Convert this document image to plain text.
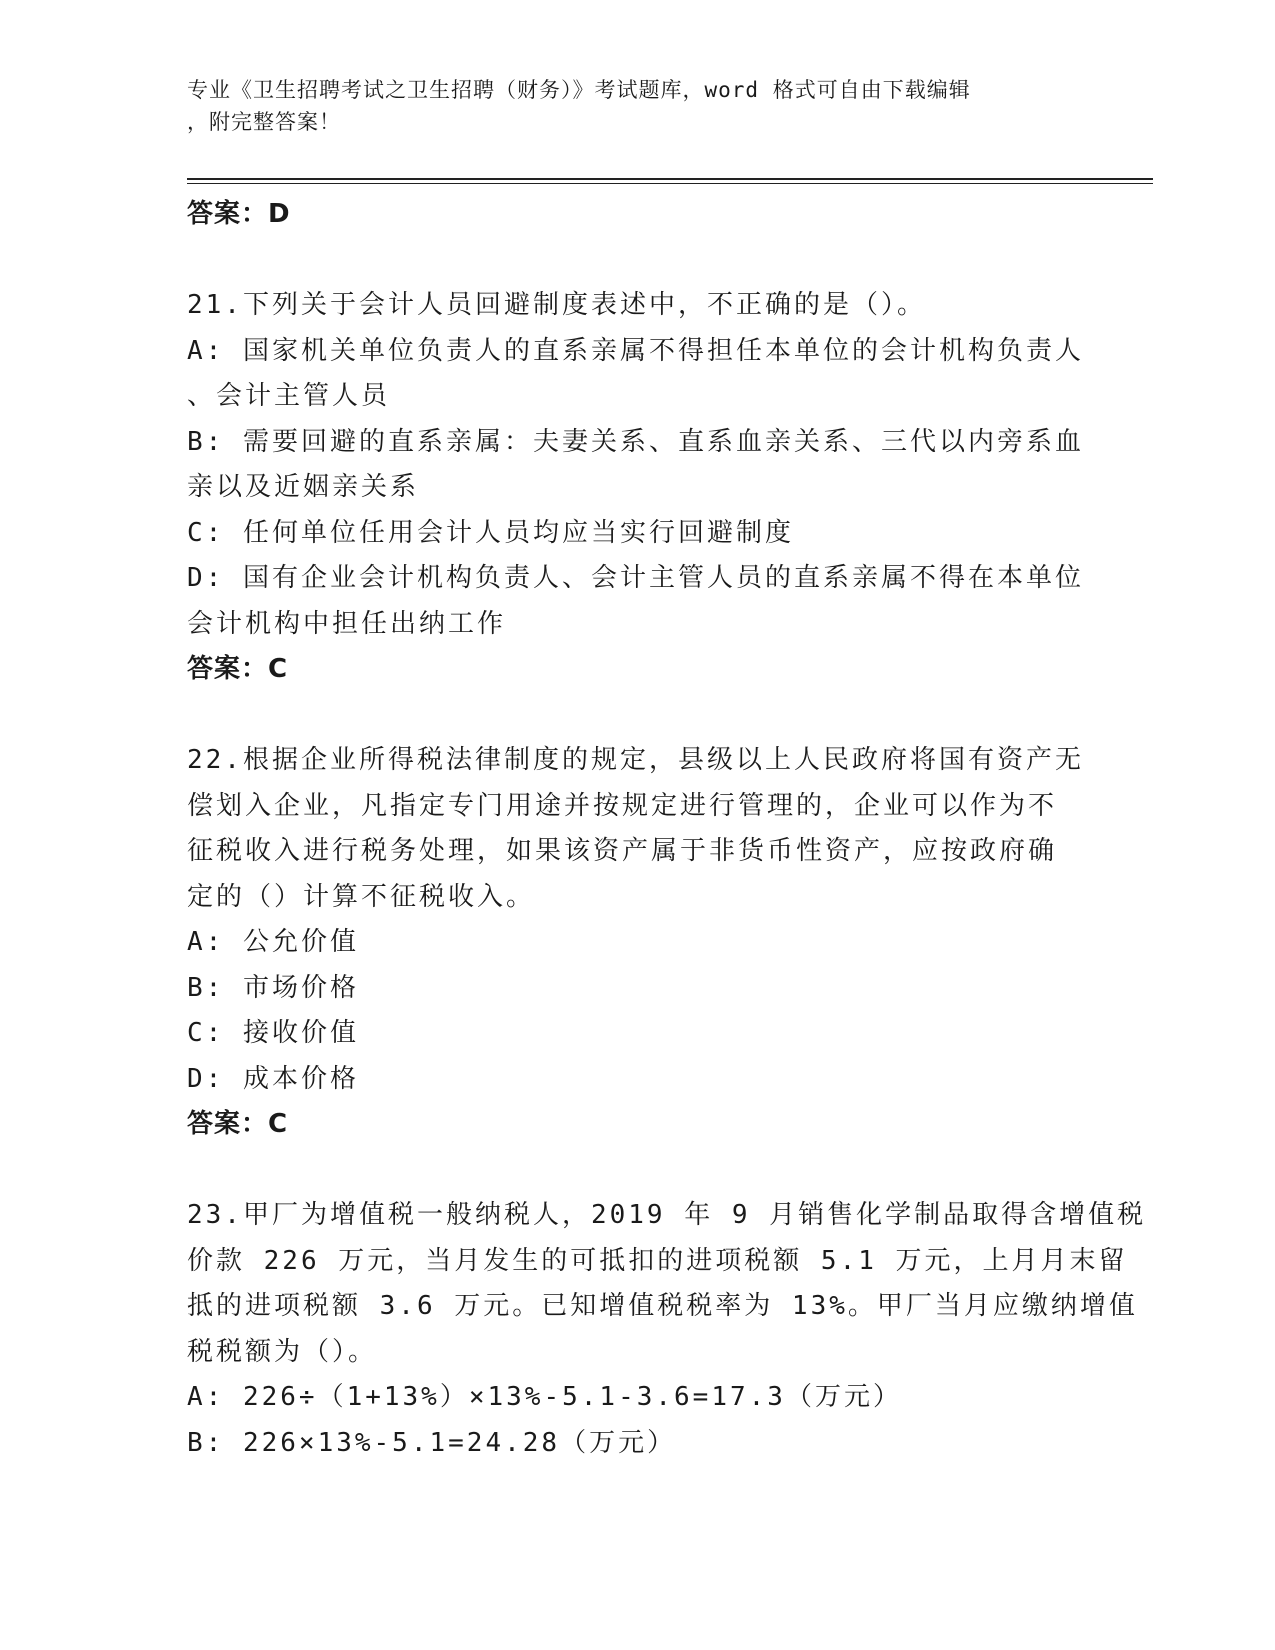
专业《卫生招聘考试之卫生招聘（财务）》考试题库，word 格式可自由下载编辑
，附完整答案！
答案：D
21.下列关于会计人员回避制度表述中，不正确的是（）。
A: 国家机关单位负责人的直系亲属不得担任本单位的会计机构负责人
、会计主管人员
B: 需要回避的直系亲属：夫妻关系、直系血亲关系、三代以内旁系血
亲以及近姻亲关系
C: 任何单位任用会计人员均应当实行回避制度
D: 国有企业会计机构负责人、会计主管人员的直系亲属不得在本单位
会计机构中担任出纳工作
答案：C
22.根据企业所得税法律制度的规定，县级以上人民政府将国有资产无
偿划入企业，凡指定专门用途并按规定进行管理的，企业可以作为不
征税收入进行税务处理，如果该资产属于非货币性资产，应按政府确
定的（）计算不征税收入。
A: 公允价值
B: 市场价格
C: 接收价值
D: 成本价格
答案：C
23.甲厂为增值税一般纳税人，2019 年 9 月销售化学制品取得含增值税
价款 226 万元，当月发生的可抵扣的进项税额 5.1 万元，上月月末留
抵的进项税额 3.6 万元。已知增值税税率为 13%。甲厂当月应缴纳增值
税税额为（）。
A: 226÷（1+13%）×13%-5.1-3.6=17.3（万元）
B: 226×13%-5.1=24.28（万元）
